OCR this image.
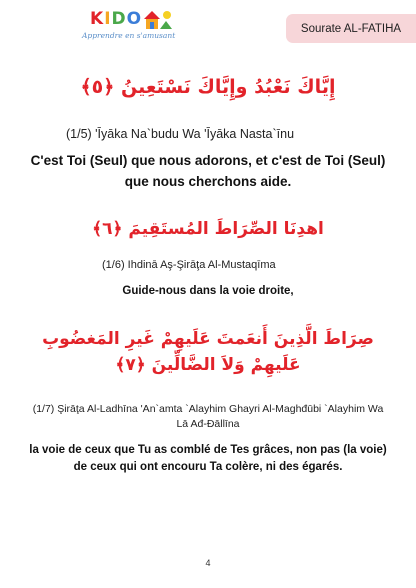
KIDO
Apprendre en s'amusant
Sourate AL-FATIHA
إِيَّاكَ نَعْبُدُ وإِيَّاكَ نَسْتَعِينُ ﴿٥﴾
(1/5) 'Īyāka Na`budu Wa 'Īyāka Nasta`īnu
C'est Toi (Seul) que nous adorons, et c'est de Toi (Seul) que nous cherchons aide.
اهدِنَا الصِّرَاطَ المُستَقِيمَ ﴿٦﴾
(1/6) Ihdinā Aş-Şirāţa Al-Mustaqīma
Guide-nous dans la voie droite,
صِرَاطَ الَّذِينَ أَنعَمتَ عَلَيهِمْ غَيرِ المَغضُوبِ عَلَيهِمْ وَلاَ الضَّالِّينَ ﴿٧﴾
(1/7) Şirāţa Al-Ladhīna 'An`amta `Alayhim Ghayri Al-Maghđūbi `Alayhim Wa Lā Ađ-Đāllīna
la voie de ceux que Tu as comblé de Tes grâces, non pas (la voie) de ceux qui ont encouru Ta colère, ni des égarés.
4
